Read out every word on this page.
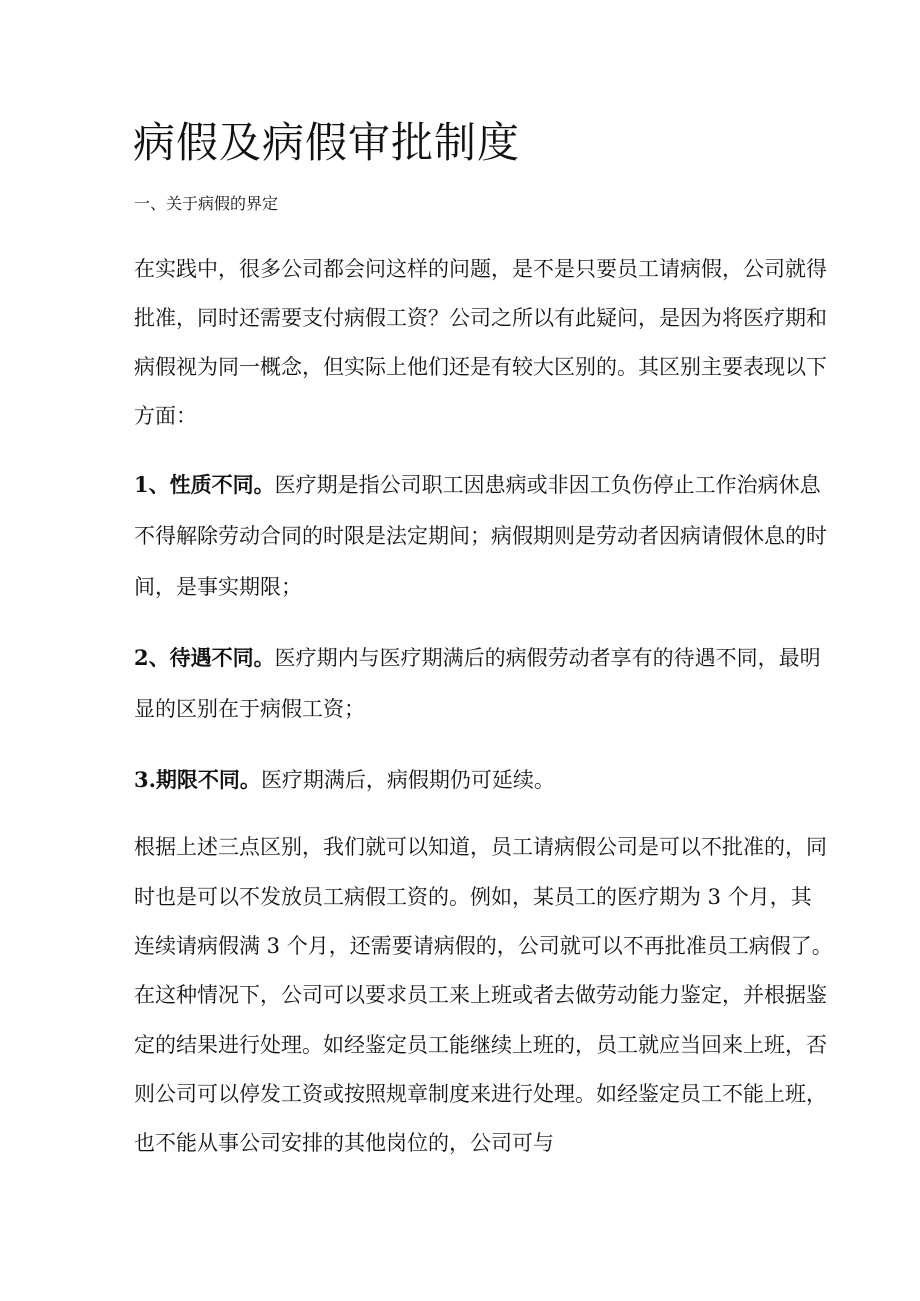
病假及病假审批制度

一、关于病假的界定

在实践中，很多公司都会问这样的问题，是不是只要员工请病假，公司就得

批准，同时还需要支付病假工资？公司之所以有此疑问，是因为将医疗期和

病假视为同一概念，但实际上他们还是有较大区别的。其区别主要表现以下

方面：

1、性质不同。医疗期是指公司职工因患病或非因工负伤停止工作治病休息

不得解除劳动合同的时限是法定期间；病假期则是劳动者因病请假休息的时

间，是事实期限；

2、待遇不同。医疗期内与医疗期满后的病假劳动者享有的待遇不同，最明

显的区别在于病假工资；

3.期限不同。医疗期满后，病假期仍可延续。

根据上述三点区别，我们就可以知道，员工请病假公司是可以不批准的，同

时也是可以不发放员工病假工资的。例如，某员工的医疗期为 3 个月，其

连续请病假满 3 个月，还需要请病假的，公司就可以不再批准员工病假了。

在这种情况下，公司可以要求员工来上班或者去做劳动能力鉴定，并根据鉴

定的结果进行处理。如经鉴定员工能继续上班的，员工就应当回来上班，否

则公司可以停发工资或按照规章制度来进行处理。如经鉴定员工不能上班，

也不能从事公司安排的其他岗位的，公司可与
